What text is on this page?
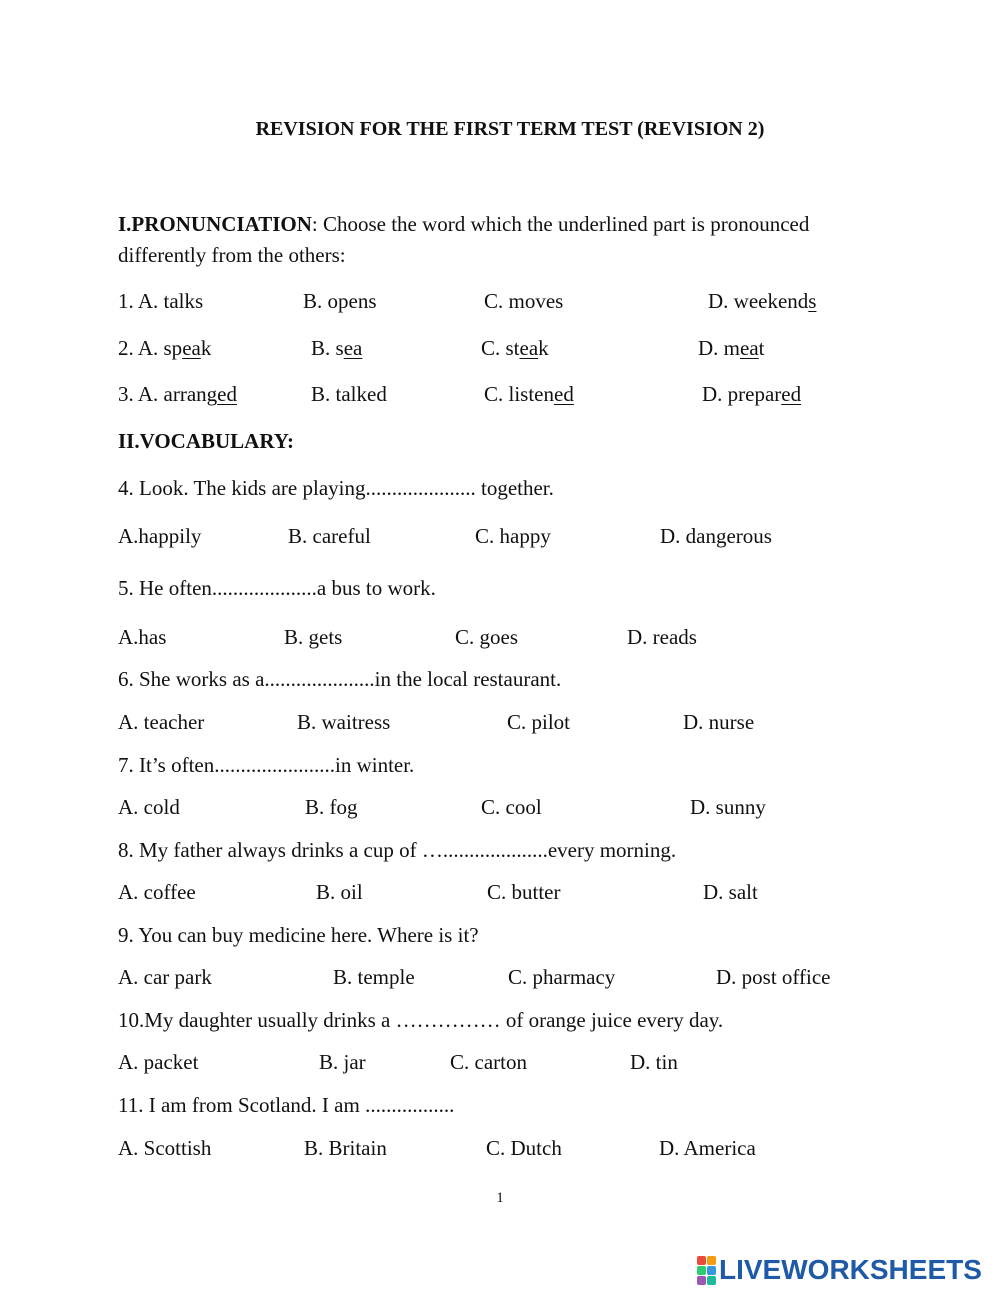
REVISION FOR THE FIRST TERM TEST (REVISION 2)
I.PRONUNCIATION: Choose the word which the underlined part is pronounced
differently from the others:
1. A. talks	B. opens	C. moves	D. weekends
2. A. speak	B. sea	C. steak	D. meat
3. A. arranged	B. talked	C. listened	D. prepared
II.VOCABULARY:
4. Look. The kids are playing..................... together.
A.happily	B. careful	C. happy	D. dangerous
5. He often....................a bus to work.
A.has	B. gets	C. goes	D. reads
6. She works as a.....................in the local restaurant.
A. teacher	B. waitress	C. pilot	D. nurse
7. It’s often.......................in winter.
A. cold	B. fog	C. cool	D. sunny
8. My father always drinks a cup of …....................every morning.
A. coffee	B. oil	C. butter	D. salt
9. You can buy medicine here. Where is it?
A. car park	B. temple	C. pharmacy	D. post office
10.My daughter usually drinks a …………… of orange juice every day.
A. packet	B. jar	C. carton	D. tin
11. I am from Scotland. I am .................
A. Scottish	B. Britain	C. Dutch	D. America
1
LIVEWORKSHEETS
